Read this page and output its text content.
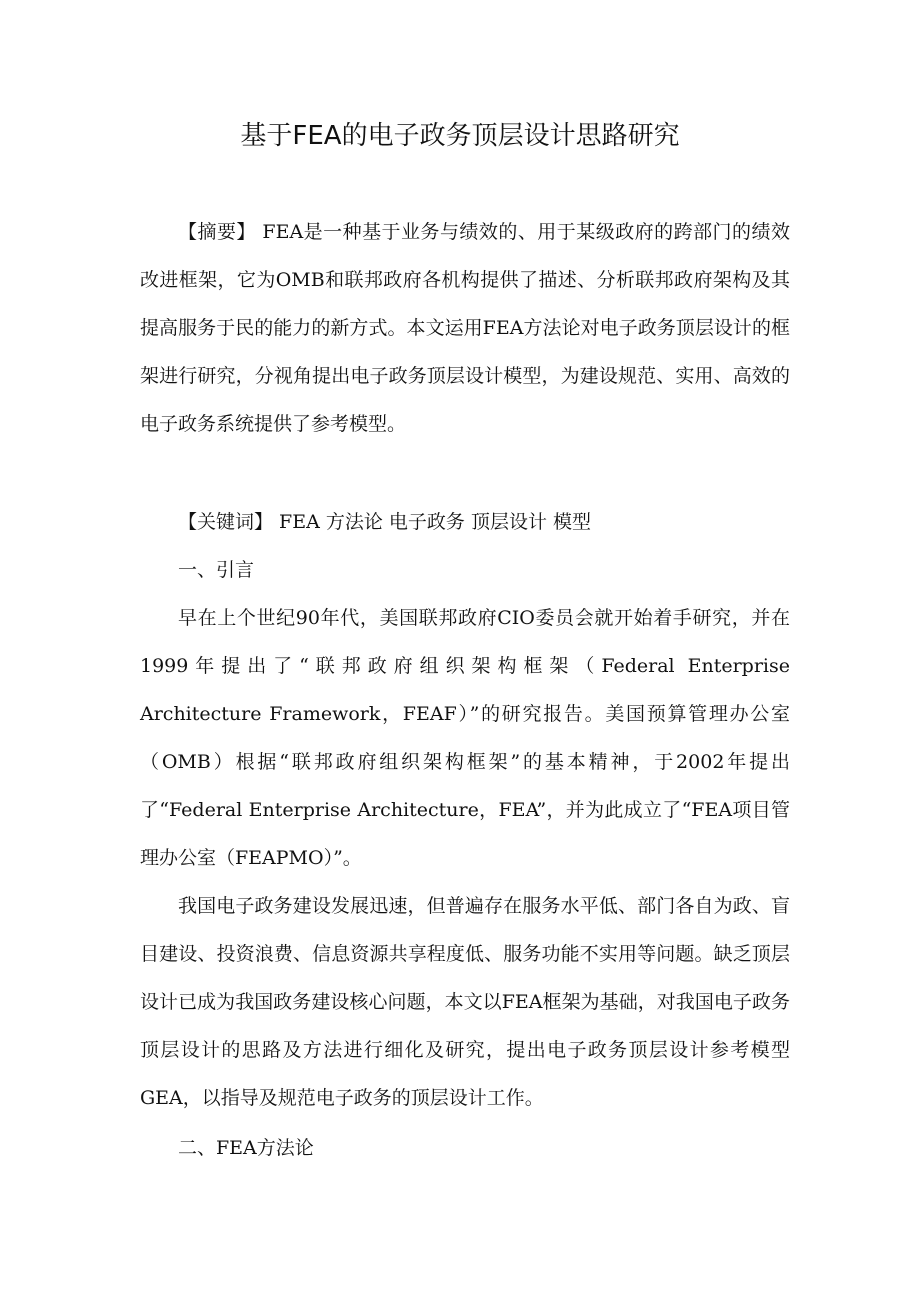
基于FEA的电子政务顶层设计思路研究

【摘要】 FEA是一种基于业务与绩效的、用于某级政府的跨部门的绩效改进框架，它为OMB和联邦政府各机构提供了描述、分析联邦政府架构及其提高服务于民的能力的新方式。本文运用FEA方法论对电子政务顶层设计的框架进行研究，分视角提出电子政务顶层设计模型，为建设规范、实用、高效的电子政务系统提供了参考模型。

【关键词】 FEA 方法论 电子政务 顶层设计 模型

一、引言

早在上个世纪90年代，美国联邦政府CIO委员会就开始着手研究，并在1999年提出了“联邦政府组织架构框架（Federal Enterprise Architecture Framework，FEAF）”的研究报告。美国预算管理办公室（OMB）根据“联邦政府组织架构框架”的基本精神，于2002年提出了“Federal Enterprise Architecture，FEA”，并为此成立了“FEA项目管理办公室（FEAPMO）”。

我国电子政务建设发展迅速，但普遍存在服务水平低、部门各自为政、盲目建设、投资浪费、信息资源共享程度低、服务功能不实用等问题。缺乏顶层设计已成为我国政务建设核心问题，本文以FEA框架为基础，对我国电子政务顶层设计的思路及方法进行细化及研究，提出电子政务顶层设计参考模型GEA，以指导及规范电子政务的顶层设计工作。

二、FEA方法论
